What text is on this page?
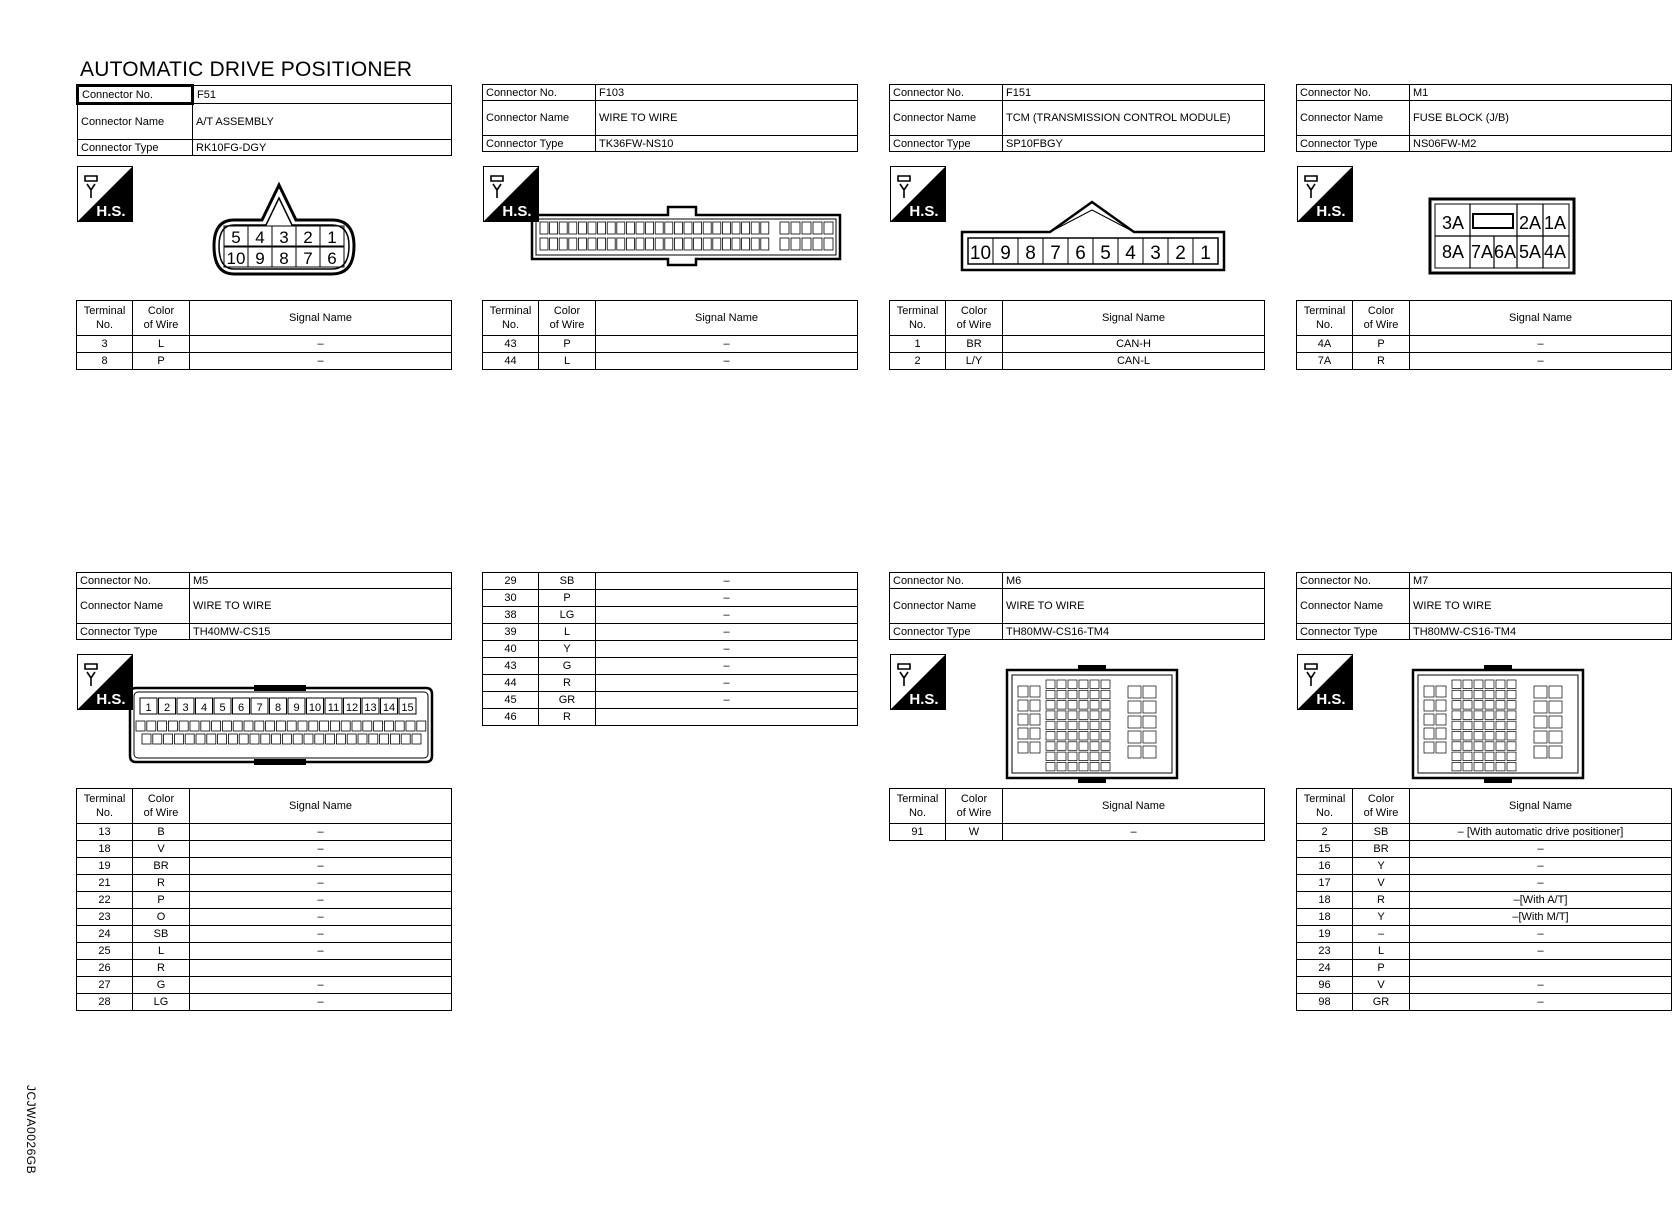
AUTOMATIC DRIVE POSITIONER
JCJWA0026GB
Connector No.	F51
Connector Name	A/T ASSEMBLY
Connector Type	RK10FG-DGY
H.S.
5 4 3 2 1
10 9 8 7 6
Terminal
No.	Color
of Wire	Signal Name
3	L	–
8	P	–
Connector No.	F103
Connector Name	WIRE TO WIRE
Connector Type	TK36FW-NS10
H.S.
Terminal
No.	Color
of Wire	Signal Name
43	P	–
44	L	–
Connector No.	F151
Connector Name	TCM (TRANSMISSION CONTROL MODULE)
Connector Type	SP10FBGY
H.S.
10 9 8 7 6 5 4 3 2 1
Terminal
No.	Color
of Wire	Signal Name
1	BR	CAN-H
2	L/Y	CAN-L
Connector No.	M1
Connector Name	FUSE BLOCK (J/B)
Connector Type	NS06FW-M2
H.S.
3A	2A 1A
8A 7A 6A 5A 4A
Terminal
No.	Color
of Wire	Signal Name
4A	P	–
7A	R	–
Connector No.	M5
Connector Name	WIRE TO WIRE
Connector Type	TH40MW-CS15
H.S. 1 2 3 4 5 6 7 8 9 10 11 12 13 14 15
Terminal
No.	Color
of Wire	Signal Name
13	B	–
18	V	–
19	BR	–
21	R	–
22	P	–
23	O	–
24	SB	–
25	L	–
26	R	
27	G	–
28	LG	–
29	SB	–
30	P	–
38	LG	–
39	L	–
40	Y	–
43	G	–
44	R	–
45	GR	–
46	R	
Connector No.	M6
Connector Name	WIRE TO WIRE
Connector Type	TH80MW-CS16-TM4
H.S.
Terminal
No.	Color
of Wire	Signal Name
91	W	–
Connector No.	M7
Connector Name	WIRE TO WIRE
Connector Type	TH80MW-CS16-TM4
H.S.
Terminal
No.	Color
of Wire	Signal Name
2	SB	– [With automatic drive positioner]
15	BR	–
16	Y	–
17	V	–
18	R	–[With A/T]
18	Y	–[With M/T]
19	–	–
23	L	–
24	P	
96	V	–
98	GR	–
